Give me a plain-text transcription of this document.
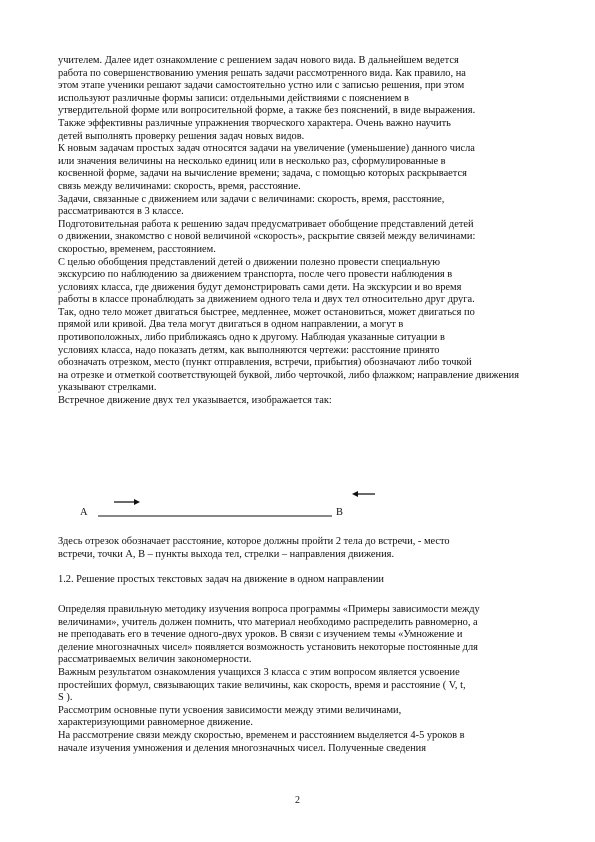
учителем. Далее идет ознакомление с решением задач нового вида. В дальнейшем ведется

работа по совершенствованию умения решать задачи рассмотренного вида. Как правило, на

этом этапе ученики решают задачи самостоятельно устно или с записью решения, при этом

используют различные формы записи: отдельными действиями с пояснением в

утвердительной форме или вопросительной форме, а также без пояснений, в виде выражения.

Также эффективны различные упражнения творческого характера. Очень важно научить

детей выполнять проверку решения задач новых видов.

К новым задачам простых задач относятся задачи на увеличение (уменьшение) данного числа

или значения величины на несколько единиц или в несколько раз, сформулированные в

косвенной форме, задачи на вычисление времени; задача, с помощью которых раскрывается

связь между величинами: скорость, время, расстояние.

Задачи, связанные с движением или задачи с величинами: скорость, время, расстояние,

рассматриваются в 3 классе.

Подготовительная работа к решению задач предусматривает обобщение представлений детей

о движении, знакомство с новой величиной «скорость», раскрытие связей между величинами:

скоростью, временем, расстоянием.

С целью обобщения представлений детей о движении полезно провести специальную

экскурсию по наблюдению за движением транспорта, после чего провести наблюдения в

условиях класса, где движения будут демонстрировать сами дети. На экскурсии и во время

работы в классе пронаблюдать за движением одного тела и двух тел относительно друг друга.

Так, одно тело может двигаться быстрее, медленнее, может остановиться, может двигаться по

прямой или кривой. Два тела могут двигаться в одном направлении, а могут в

противоположных, либо приближаясь одно к другому. Наблюдая указанные ситуации в

условиях класса, надо показать детям, как выполняются чертежи: расстояние принято

обозначать отрезком, место (пункт отправления, встречи, прибытия) обозначают либо точкой

на отрезке и отметкой соответствующей буквой, либо черточкой, либо флажком; направление движения

указывают стрелками.

Встречное движение двух тел указывается, изображается так:

А	В

Здесь отрезок обозначает расстояние, которое должны пройти 2 тела до встречи, - место

встречи, точки А, В – пункты выхода тел, стрелки – направления движения.

1.2. Решение простых текстовых задач на движение в одном направлении

Определяя правильную методику изучения вопроса программы «Примеры зависимости между

величинами», учитель должен помнить, что материал необходимо распределить равномерно, а

не преподавать его в течение одного-двух уроков. В связи с изучением темы «Умножение и

деление многозначных чисел» появляется возможность установить некоторые постоянные для

рассматриваемых величин закономерности.

Важным результатом ознакомления учащихся 3 класса с этим вопросом является усвоение

простейших формул, связывающих такие величины, как скорость, время и расстояние ( V, t,

S ).

Рассмотрим основные пути усвоения зависимости между этими величинами,

характеризующими равномерное движение.

На рассмотрение связи между скоростью, временем и расстоянием выделяется 4-5 уроков в

начале изучения умножения и деления многозначных чисел. Полученные сведения

2
